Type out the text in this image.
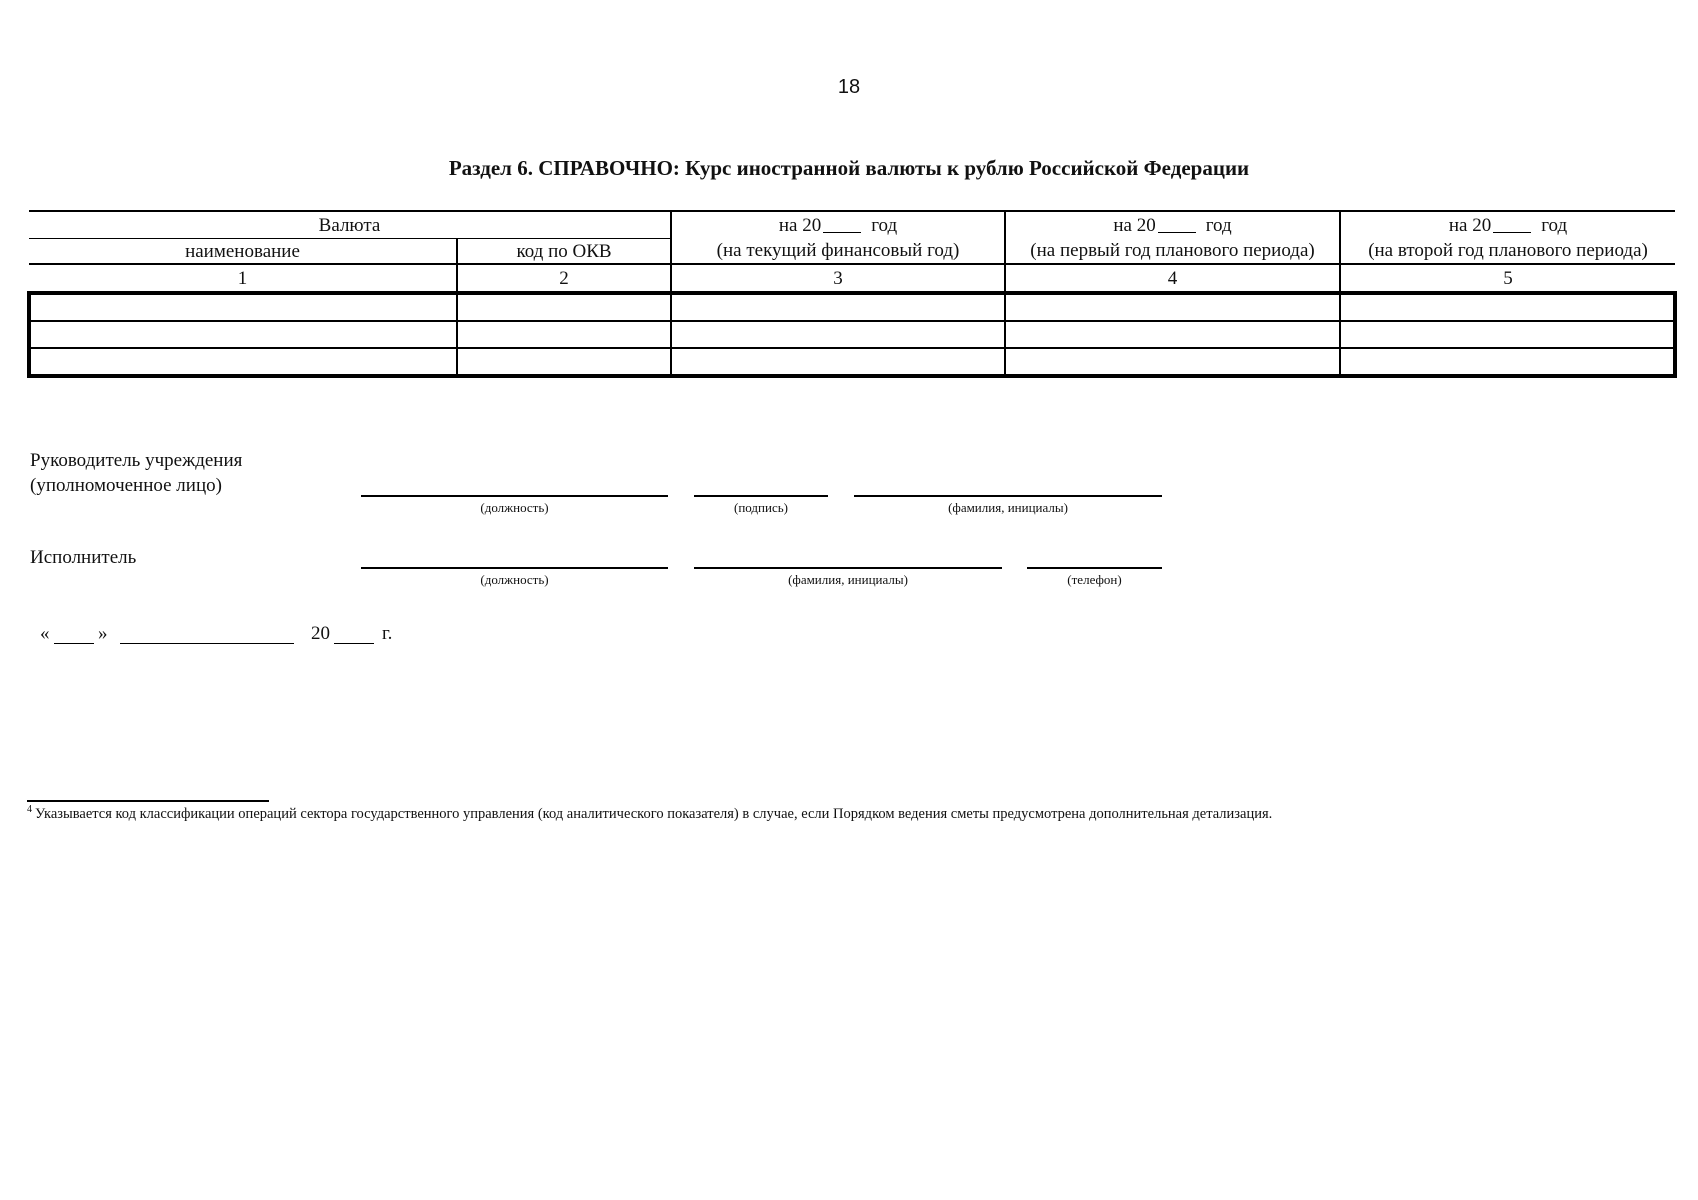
18
Раздел 6. СПРАВОЧНО: Курс иностранной валюты к рублю Российской Федерации
Валюта		на 20 год	на 20 год	на 20 год
наименование	код по ОКВ	(на текущий финансовый год)	(на первый год планового периода)	(на второй год планового периода)
1	2	3	4	5

Руководитель учреждения
(уполномоченное лицо)
(должность)	(подпись)	(фамилия, инициалы)
Исполнитель
(должность)	(фамилия, инициалы)	(телефон)
«	»	20	г.
$^4$ Указывается код классификации операций сектора государственного управления (код аналитического показателя) в случае, если Порядком ведения сметы предусмотрена дополнительная детализация.
